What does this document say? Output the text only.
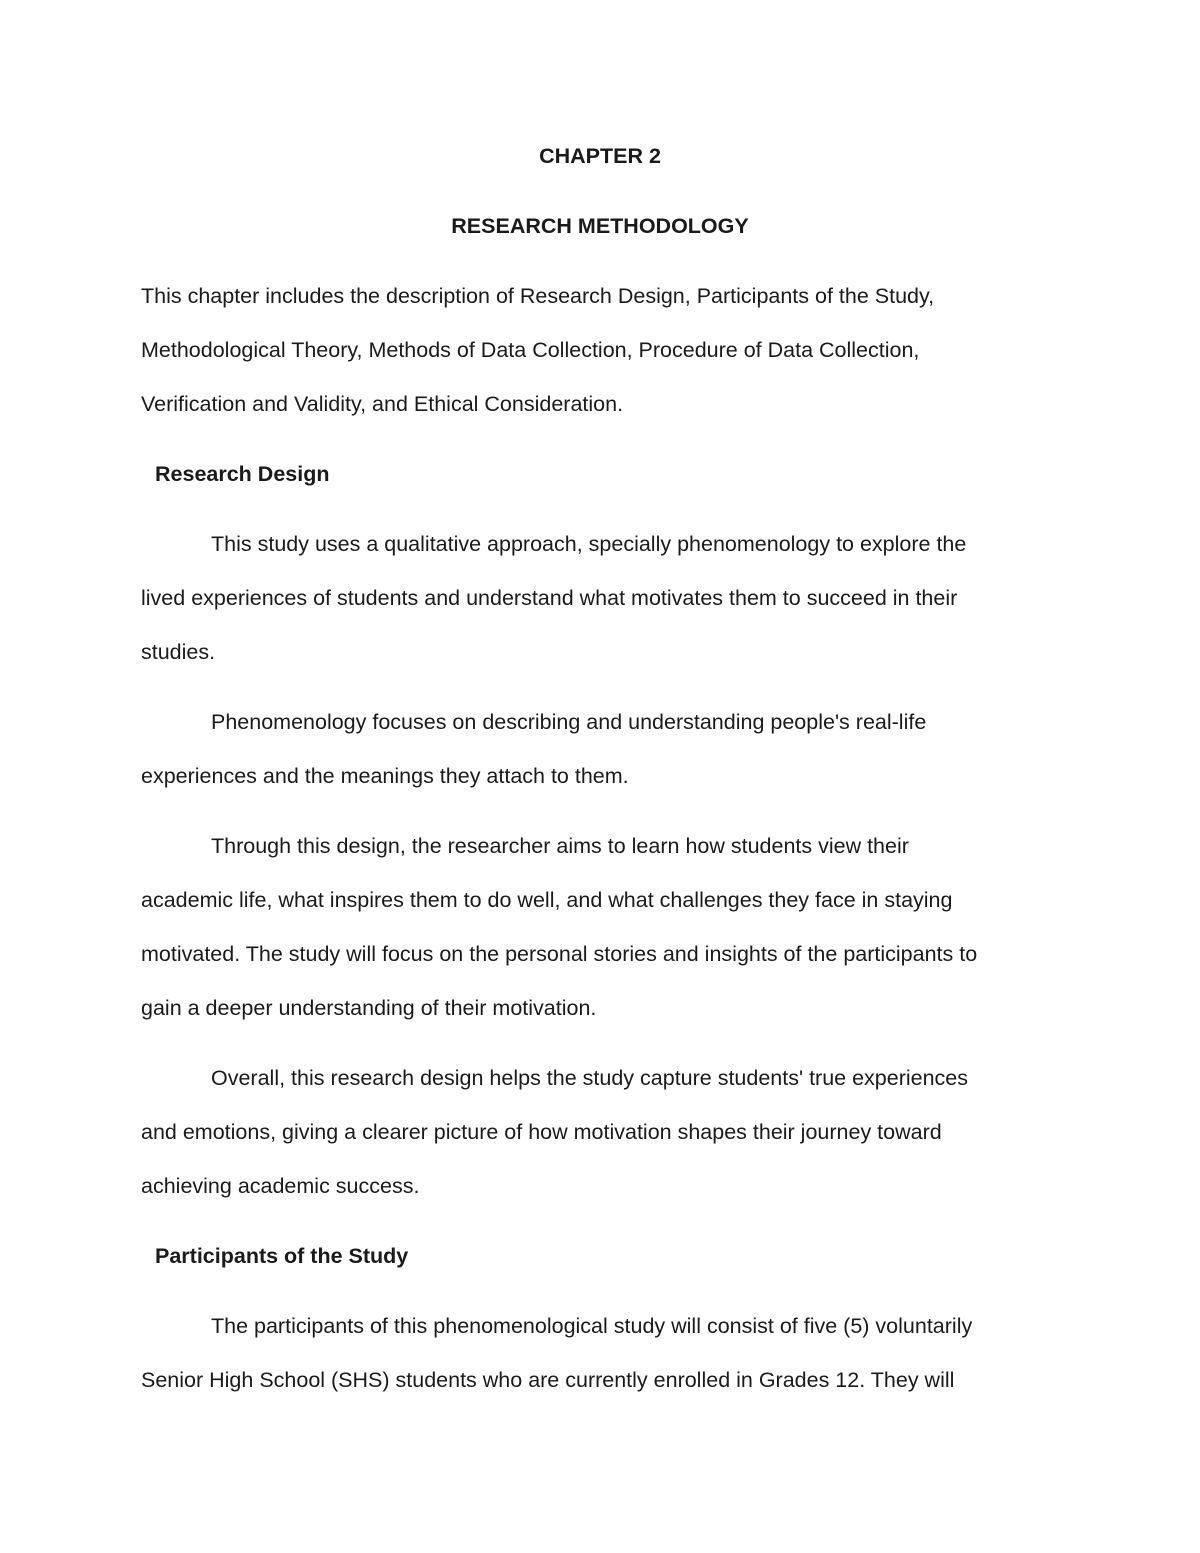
CHAPTER 2
RESEARCH METHODOLOGY
This chapter includes the description of Research Design, Participants of the Study,
Methodological Theory, Methods of Data Collection, Procedure of Data Collection,
Verification and Validity, and Ethical Consideration.
Research Design
This study uses a qualitative approach, specially phenomenology to explore the
lived experiences of students and understand what motivates them to succeed in their
studies.
Phenomenology focuses on describing and understanding people's real-life
experiences and the meanings they attach to them.
Through this design, the researcher aims to learn how students view their
academic life, what inspires them to do well, and what challenges they face in staying
motivated. The study will focus on the personal stories and insights of the participants to
gain a deeper understanding of their motivation.
Overall, this research design helps the study capture students' true experiences
and emotions, giving a clearer picture of how motivation shapes their journey toward
achieving academic success.
Participants of the Study
The participants of this phenomenological study will consist of five (5) voluntarily
Senior High School (SHS) students who are currently enrolled in Grades 12. They will
